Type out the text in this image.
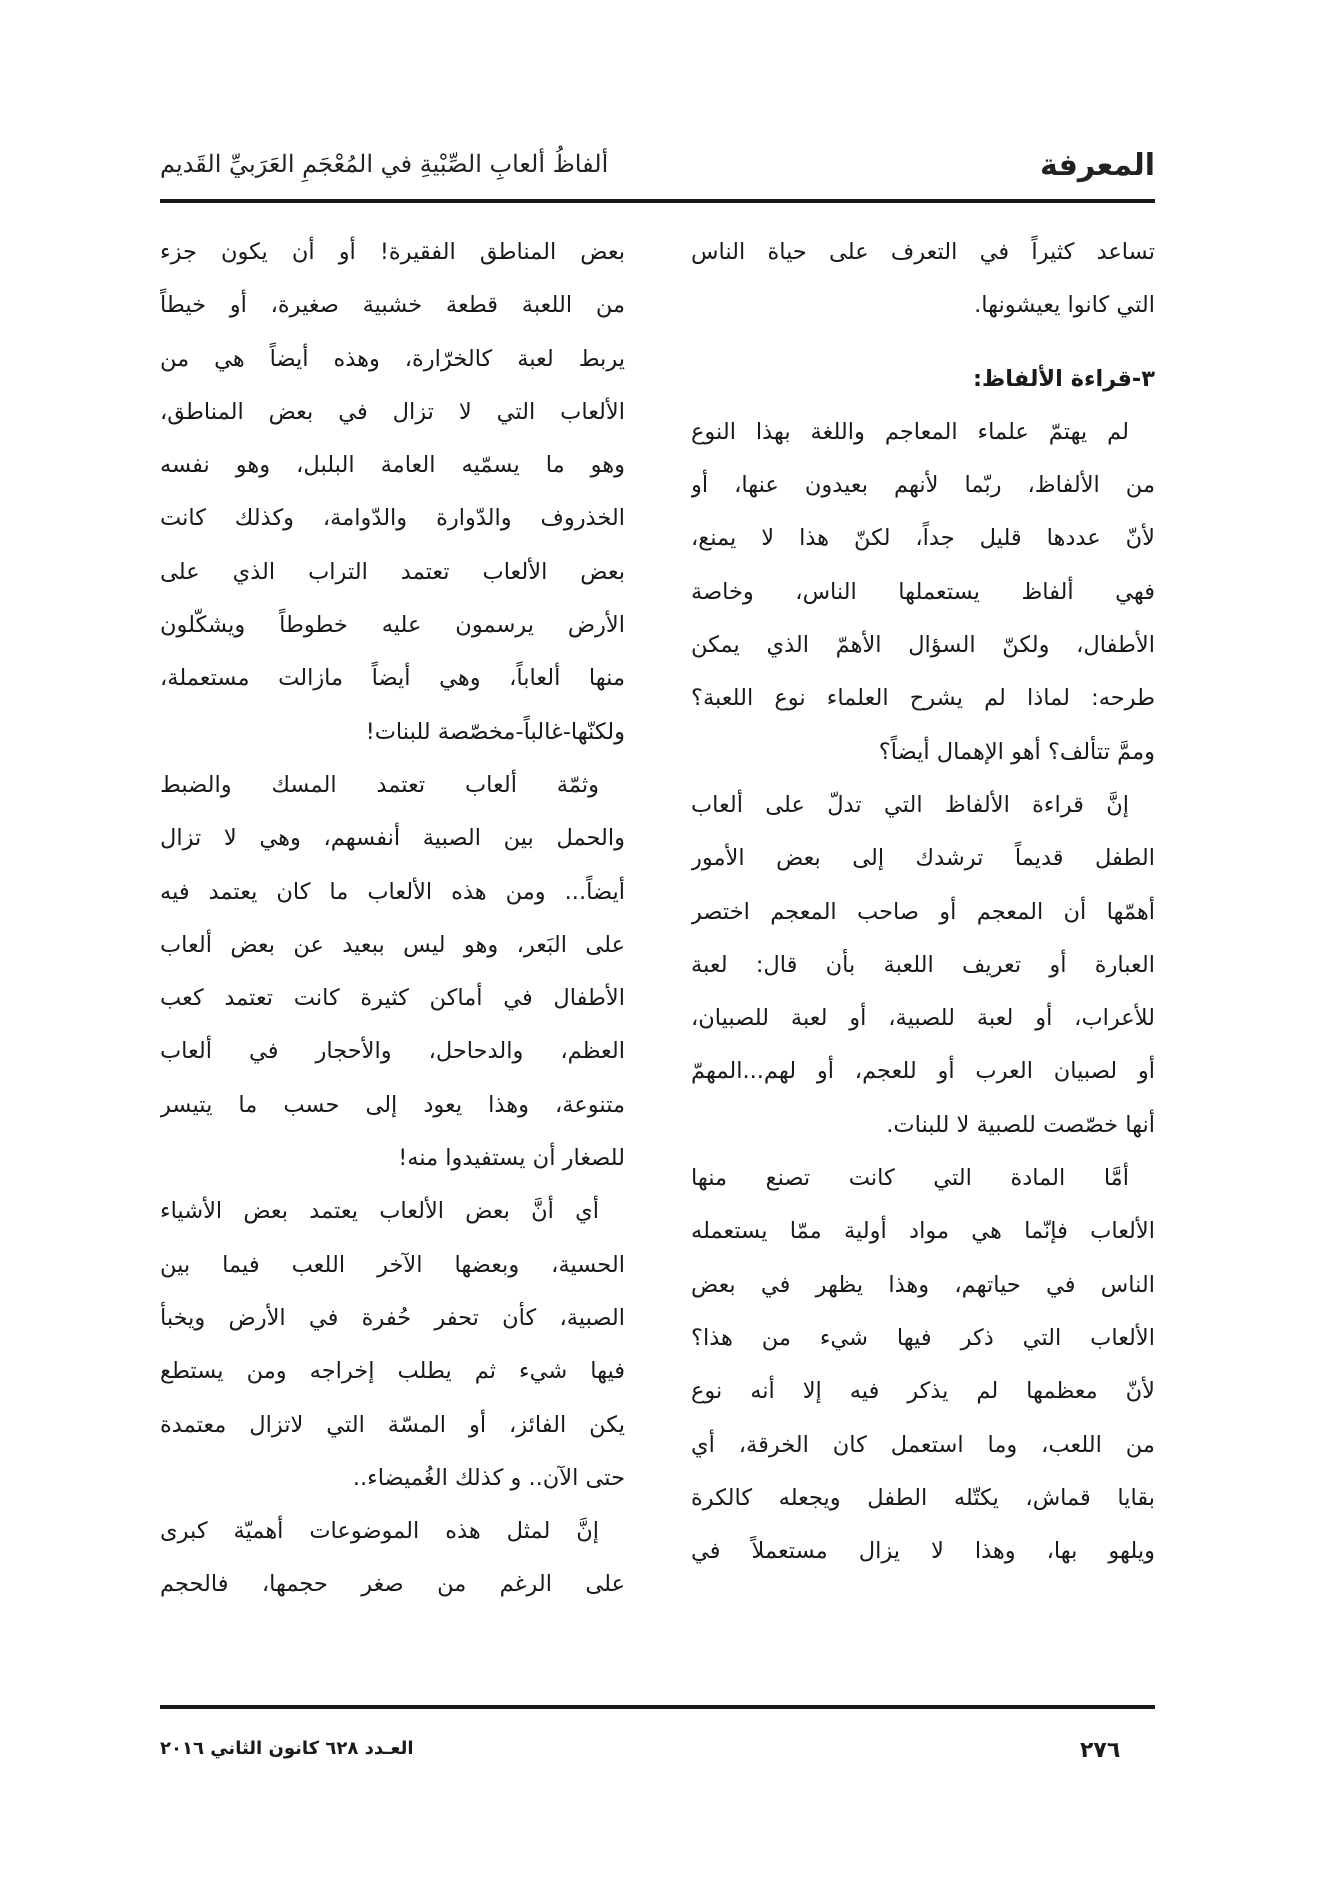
المعرفة
ألفاظُ ألعابِ الصِّبْيةِ في المُعْجَمِ العَرَبيِّ القَديم
تساعد كثيراً في التعرف على حياة الناس
التي كانوا يعيشونها.
٣-قراءة الألفاظ:
لم يهتمّ علماء المعاجم واللغة بهذا النوع
من الألفاظ، ربّما لأنهم بعيدون عنها، أو
لأنّ عددها قليل جداً، لكنّ هذا لا يمنع،
فهي ألفاظ يستعملها الناس، وخاصة
الأطفال، ولكنّ السؤال الأهمّ الذي يمكن
طرحه: لماذا لم يشرح العلماء نوع اللعبة؟
وممَّ تتألف؟ أهو الإهمال أيضاً؟
إنَّ قراءة الألفاظ التي تدلّ على ألعاب
الطفل قديماً ترشدك إلى بعض الأمور
أهمّها أن المعجم أو صاحب المعجم اختصر
العبارة أو تعريف اللعبة بأن قال: لعبة
للأعراب، أو لعبة للصبية، أو لعبة للصبيان،
أو لصبيان العرب أو للعجم، أو لهم...المهمّ
أنها خصّصت للصبية لا للبنات.
أمَّا المادة التي كانت تصنع منها
الألعاب فإنّما هي مواد أولية ممّا يستعمله
الناس في حياتهم، وهذا يظهر في بعض
الألعاب التي ذكر فيها شيء من هذا؟
لأنّ معظمها لم يذكر فيه إلا أنه نوع
من اللعب، وما استعمل كان الخرقة، أي
بقايا قماش، يكتّله الطفل ويجعله كالكرة
ويلهو بها، وهذا لا يزال مستعملاً في
بعض المناطق الفقيرة! أو أن يكون جزء
من اللعبة قطعة خشبية صغيرة، أو خيطاً
يربط لعبة كالخرّارة، وهذه أيضاً هي من
الألعاب التي لا تزال في بعض المناطق،
وهو ما يسمّيه العامة البلبل، وهو نفسه
الخذروف والدّوارة والدّوامة، وكذلك كانت
بعض الألعاب تعتمد التراب الذي على
الأرض يرسمون عليه خطوطاً ويشكّلون
منها ألعاباً، وهي أيضاً مازالت مستعملة،
ولكنّها-غالباً-مخصّصة للبنات!
وثمّة ألعاب تعتمد المسك والضبط
والحمل بين الصبية أنفسهم، وهي لا تزال
أيضاً... ومن هذه الألعاب ما كان يعتمد فيه
على البَعر، وهو ليس ببعيد عن بعض ألعاب
الأطفال في أماكن كثيرة كانت تعتمد كعب
العظم، والدحاحل، والأحجار في ألعاب
متنوعة، وهذا يعود إلى حسب ما يتيسر
للصغار أن يستفيدوا منه!
أي أنَّ بعض الألعاب يعتمد بعض الأشياء
الحسية، وبعضها الآخر اللعب فيما بين
الصبية، كأن تحفر حُفرة في الأرض ويخبأ
فيها شيء ثم يطلب إخراجه ومن يستطع
يكن الفائز، أو المسّة التي لاتزال معتمدة
حتى الآن.. و كذلك الغُميضاء..
إنَّ لمثل هذه الموضوعات أهميّة كبرى
على الرغم من صغر حجمها، فالحجم
٢٧٦
العـدد ٦٢٨ كانون الثاني ٢٠١٦
